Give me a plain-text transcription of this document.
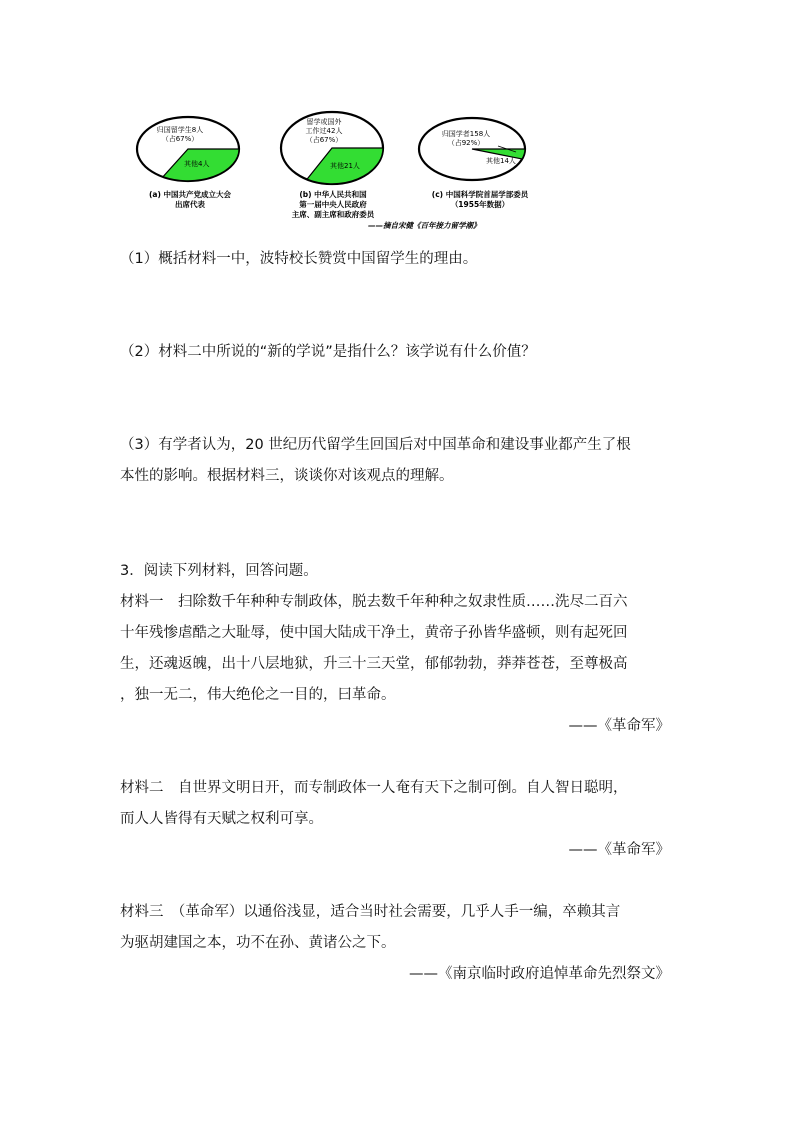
归国留学生8人
（占67%）
其他4人
(a) 中国共产党成立大会
出席代表
留学或国外
工作过42人
（占67%）
其他21人
(b) 中华人民共和国
第一届中央人民政府
主席、副主席和政府委员
归国学者158人
（占92%）
其他14人
(c) 中国科学院首届学部委员
（1955年数据）
——摘自宋健《百年接力留学潮》
（1）概括材料一中，波特校长赞赏中国留学生的理由。
（2）材料二中所说的“新的学说”是指什么？该学说有什么价值？
（3）有学者认为，20 世纪历代留学生回国后对中国革命和建设事业都产生了根
本性的影响。根据材料三，谈谈你对该观点的理解。
3．阅读下列材料，回答问题。
材料一　扫除数千年种种专制政体，脱去数千年种种之奴隶性质……洗尽二百六
十年残惨虐酷之大耻辱，使中国大陆成干净土，黄帝子孙皆华盛顿，则有起死回
生，还魂返魄，出十八层地狱，升三十三天堂，郁郁勃勃，莽莽苍苍，至尊极高
，独一无二，伟大绝伦之一目的，曰革命。
——《革命军》
材料二　自世界文明日开，而专制政体一人奄有天下之制可倒。自人智日聪明，
而人人皆得有天赋之权利可享。
——《革命军》
材料三　（革命军）以通俗浅显，适合当时社会需要，几乎人手一编，卒赖其言
为驱胡建国之本，功不在孙、黄诸公之下。
——《南京临时政府追悼革命先烈祭文》
